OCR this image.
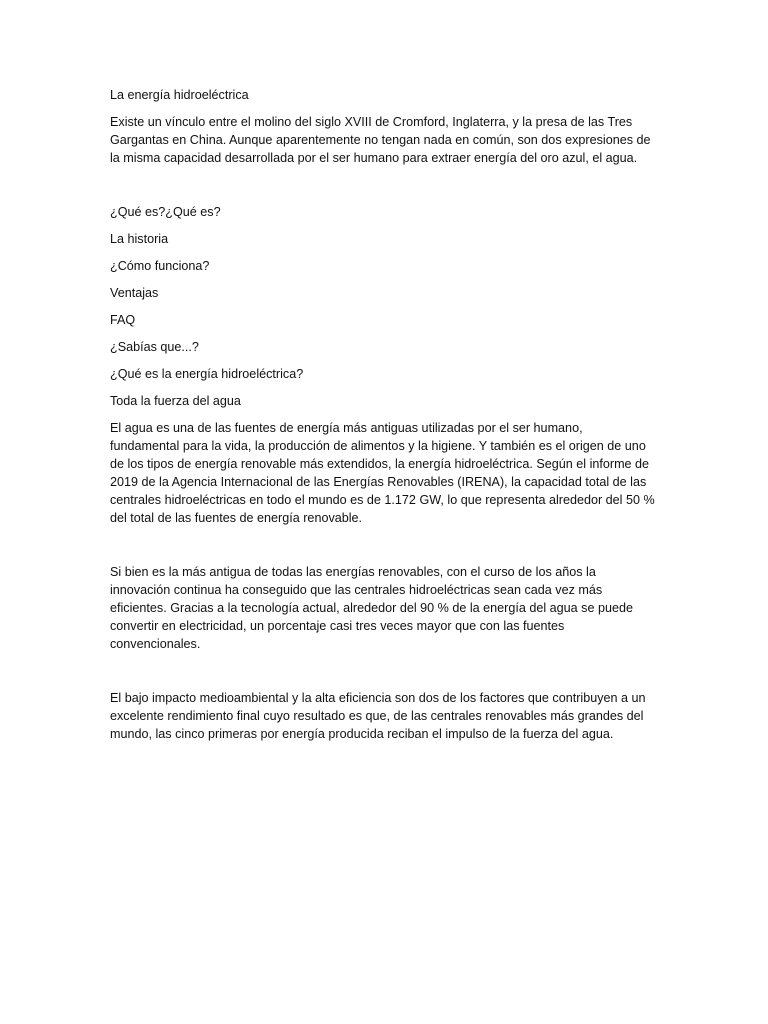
La energía hidroeléctrica

Existe un vínculo entre el molino del siglo XVIII de Cromford, Inglaterra, y la presa de las Tres Gargantas en China. Aunque aparentemente no tengan nada en común, son dos expresiones de la misma capacidad desarrollada por el ser humano para extraer energía del oro azul, el agua.

¿Qué es?¿Qué es?

La historia

¿Cómo funciona?

Ventajas

FAQ

¿Sabías que...?

¿Qué es la energía hidroeléctrica?

Toda la fuerza del agua

El agua es una de las fuentes de energía más antiguas utilizadas por el ser humano, fundamental para la vida, la producción de alimentos y la higiene. Y también es el origen de uno de los tipos de energía renovable más extendidos, la energía hidroeléctrica. Según el informe de 2019 de la Agencia Internacional de las Energías Renovables (IRENA), la capacidad total de las centrales hidroeléctricas en todo el mundo es de 1.172 GW, lo que representa alrededor del 50 % del total de las fuentes de energía renovable.

Si bien es la más antigua de todas las energías renovables, con el curso de los años la innovación continua ha conseguido que las centrales hidroeléctricas sean cada vez más eficientes. Gracias a la tecnología actual, alrededor del 90 % de la energía del agua se puede convertir en electricidad, un porcentaje casi tres veces mayor que con las fuentes convencionales.

El bajo impacto medioambiental y la alta eficiencia son dos de los factores que contribuyen a un excelente rendimiento final cuyo resultado es que, de las centrales renovables más grandes del mundo, las cinco primeras por energía producida reciban el impulso de la fuerza del agua.
